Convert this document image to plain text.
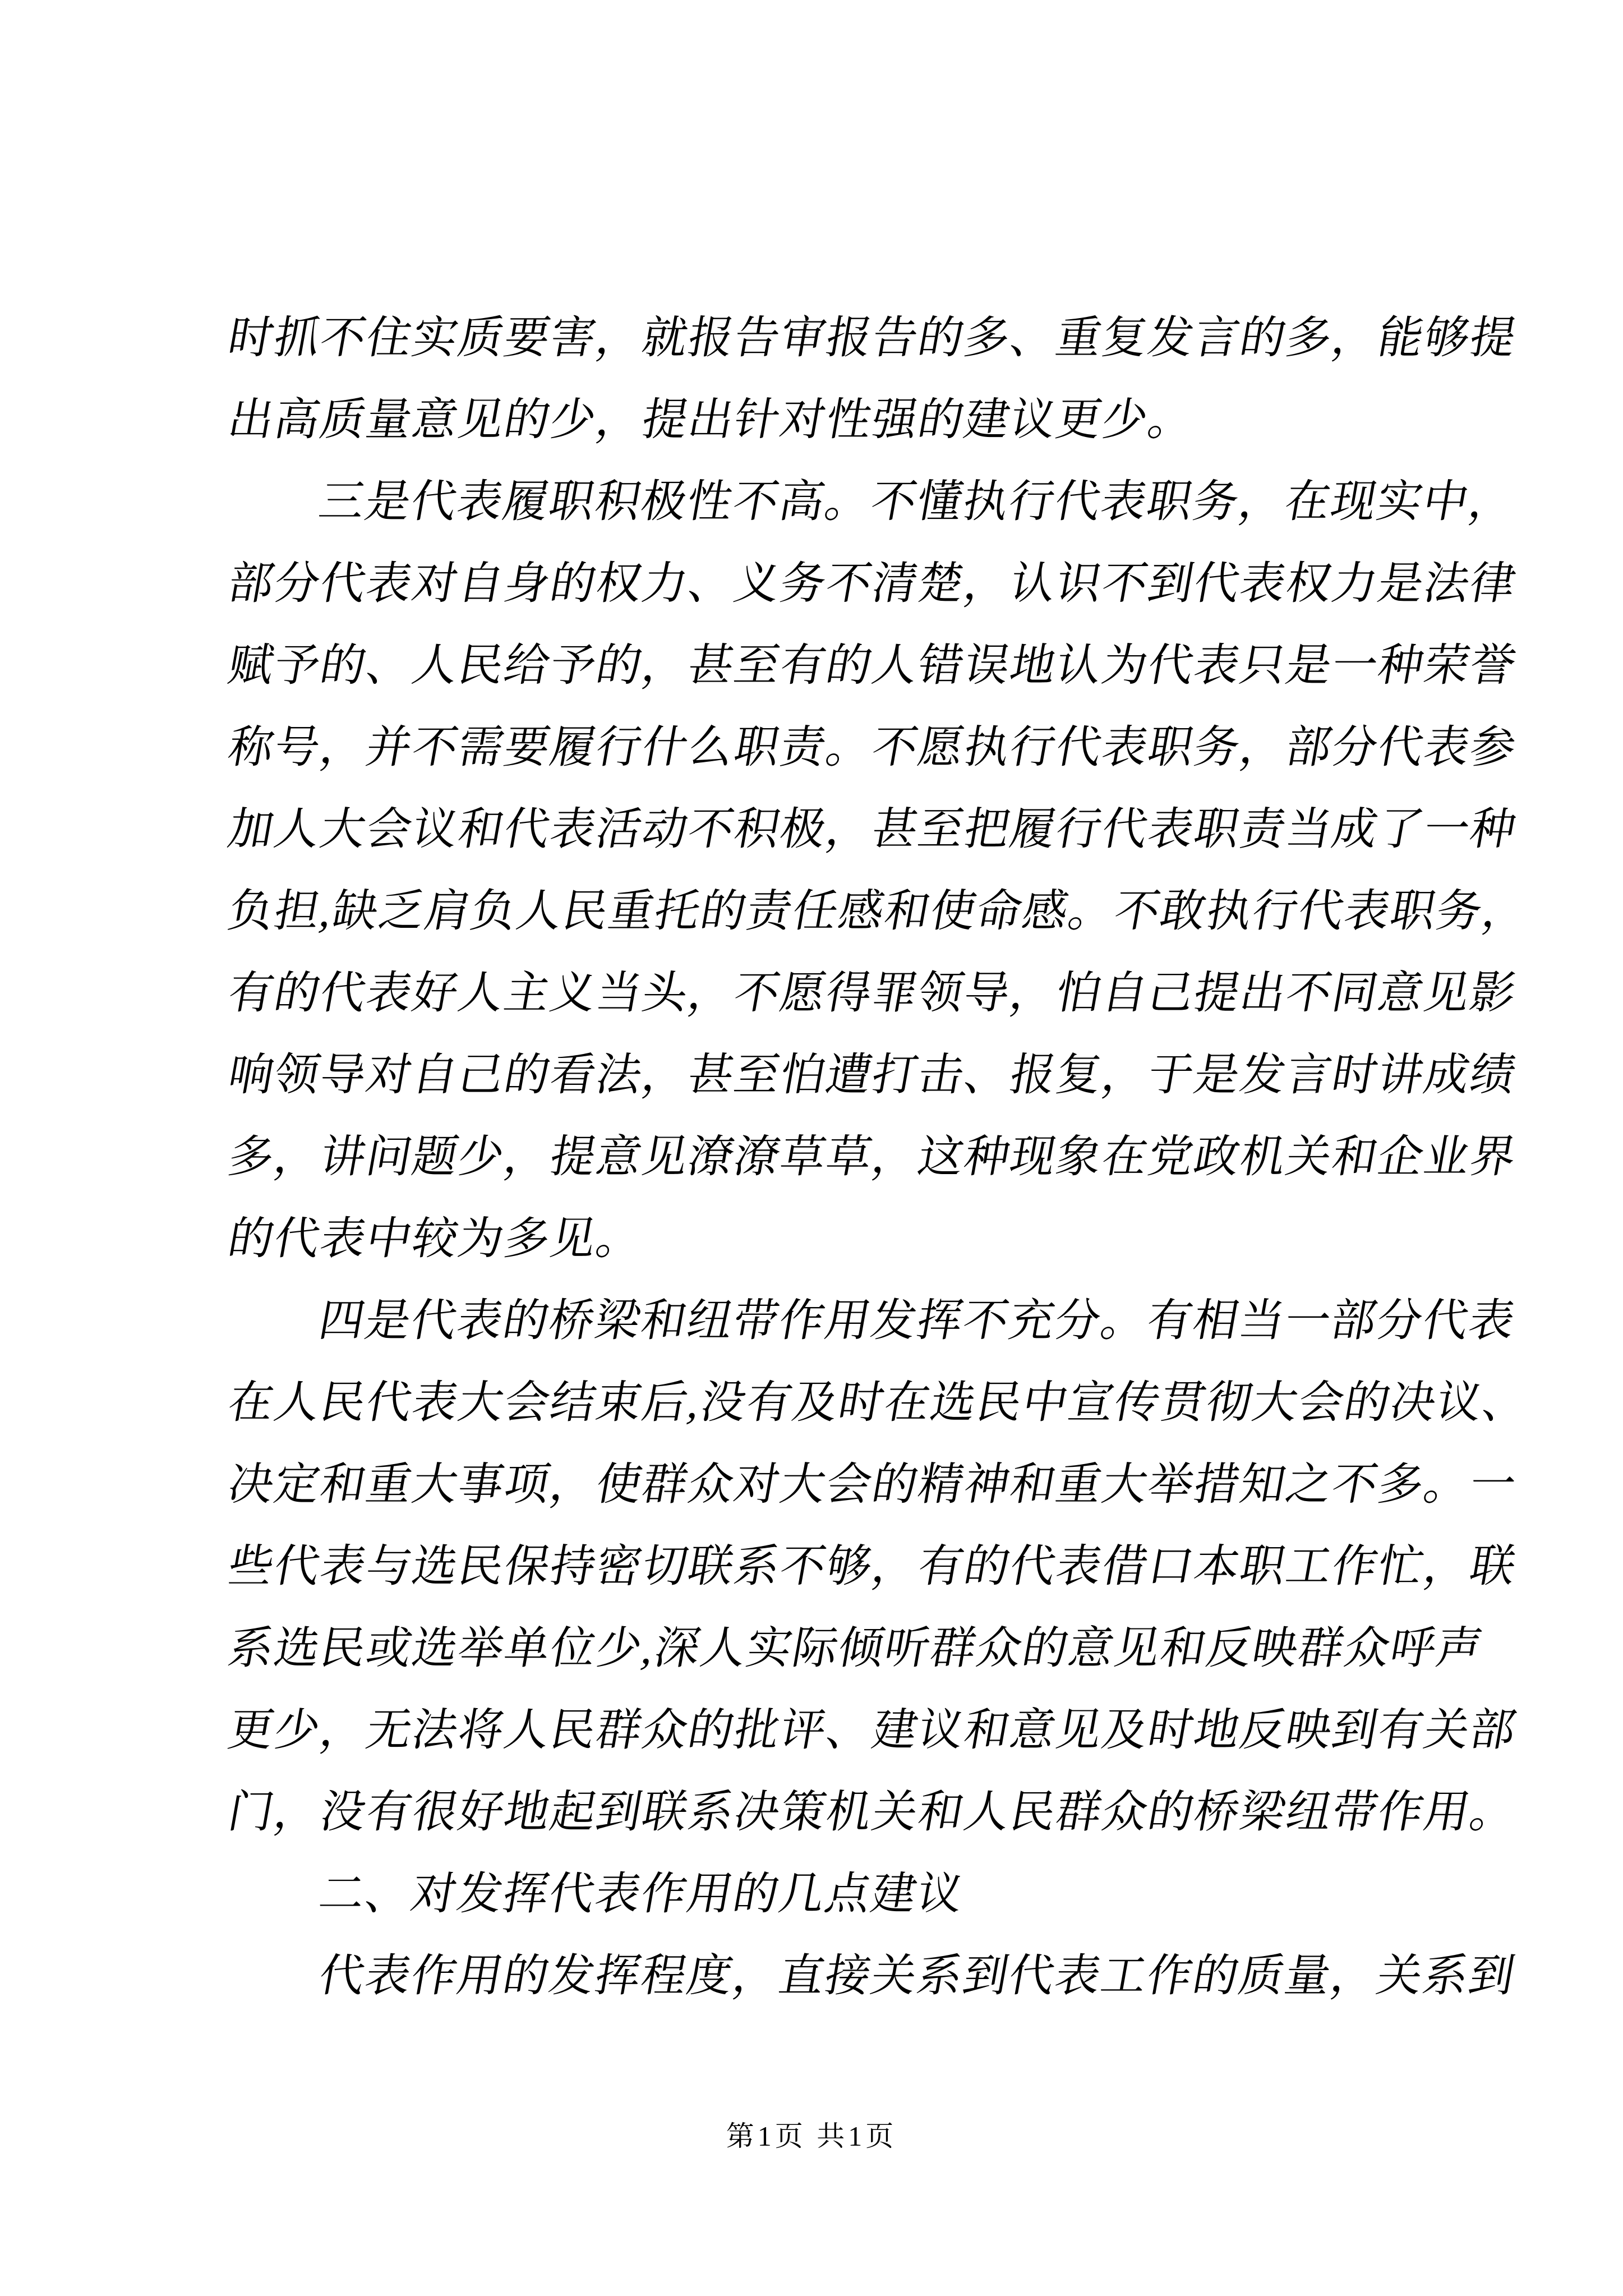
时抓不住实质要害，就报告审报告的多、重复发言的多，能够提
出高质量意见的少，提出针对性强的建议更少。
三是代表履职积极性不高。不懂执行代表职务，在现实中，
部分代表对自身的权力、义务不清楚，认识不到代表权力是法律
赋予的、人民给予的，甚至有的人错误地认为代表只是一种荣誉
称号，并不需要履行什么职责。不愿执行代表职务，部分代表参
加人大会议和代表活动不积极，甚至把履行代表职责当成了一种
负担,缺乏肩负人民重托的责任感和使命感。不敢执行代表职务，
有的代表好人主义当头，不愿得罪领导，怕自己提出不同意见影
响领导对自己的看法，甚至怕遭打击、报复，于是发言时讲成绩
多，讲问题少，提意见潦潦草草，这种现象在党政机关和企业界
的代表中较为多见。
四是代表的桥梁和纽带作用发挥不充分。有相当一部分代表
在人民代表大会结束后,没有及时在选民中宣传贯彻大会的决议、
决定和重大事项，使群众对大会的精神和重大举措知之不多。一
些代表与选民保持密切联系不够，有的代表借口本职工作忙，联
系选民或选举单位少,深人实际倾听群众的意见和反映群众呼声
更少，无法将人民群众的批评、建议和意见及时地反映到有关部
门，没有很好地起到联系决策机关和人民群众的桥梁纽带作用。
二、对发挥代表作用的几点建议
代表作用的发挥程度，直接关系到代表工作的质量，关系到
第1页 共1页
